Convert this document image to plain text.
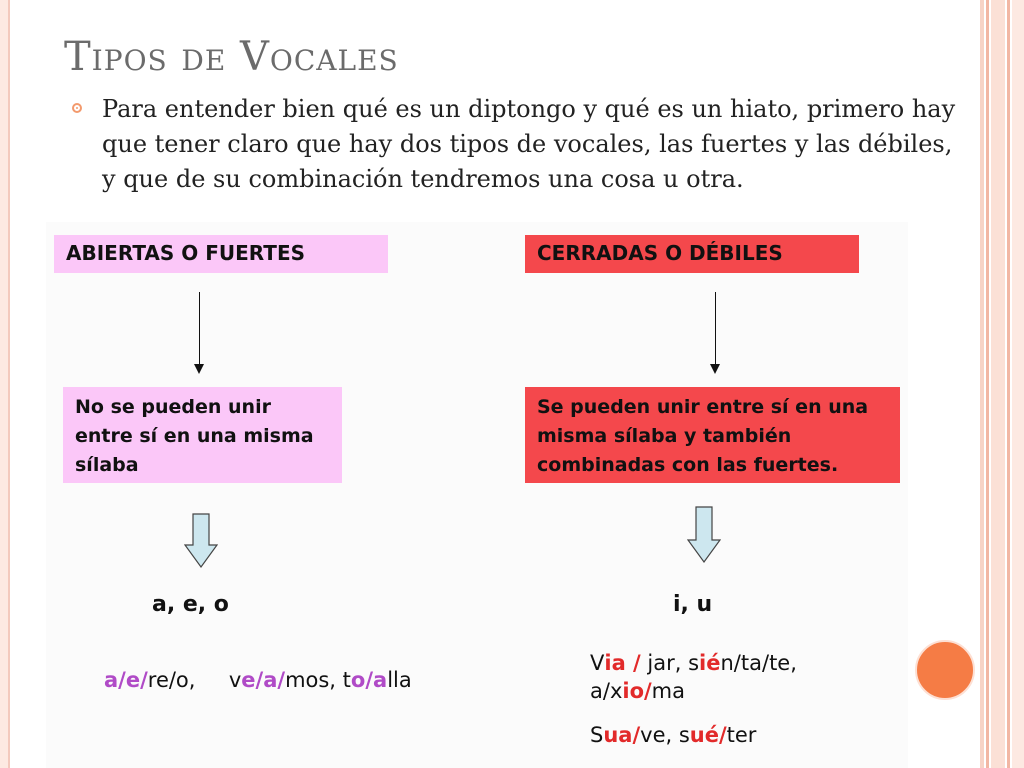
Tipos de Vocales
Para entender bien qué es un diptongo y qué es un hiato, primero hay que tener claro que hay dos tipos de vocales, las fuertes y las débiles, y que de su combinación tendremos una cosa u otra.
ABIERTAS O FUERTES
No se pueden unir entre sí en una misma sílaba
a, e, o
a/e/re/o, ve/a/mos, to/alla
CERRADAS O DÉBILES
Se pueden unir entre sí en una misma sílaba y también combinadas con las fuertes.
i, u
Via / jar, sién/ta/te,
a/xio/ma
Sua/ve, sué/ter
